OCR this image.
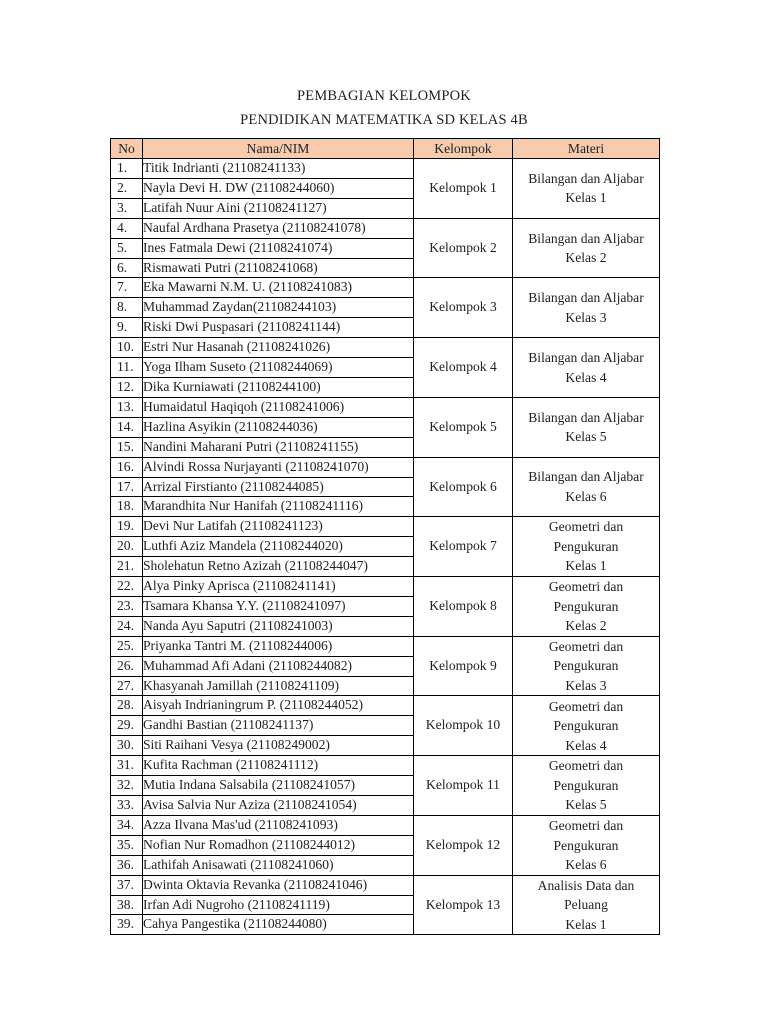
PEMBAGIAN KELOMPOK
PENDIDIKAN MATEMATIKA SD KELAS 4B
No	Nama/NIM	Kelompok	Materi
1.	Titik Indrianti (21108241133)	Kelompok 1	Bilangan dan Aljabar
Kelas 1

2.	Nayla Devi H. DW (21108244060)		
3.	Latifah Nuur Aini (21108241127)		
4.	Naufal Ardhana Prasetya (21108241078)	Kelompok 2	Bilangan dan Aljabar
Kelas 2

5.	Ines Fatmala Dewi (21108241074)		
6.	Rismawati Putri (21108241068)		
7.	Eka Mawarni N.M. U. (21108241083)	Kelompok 3	Bilangan dan Aljabar
Kelas 3

8.	Muhammad Zaydan(21108244103)		
9.	Riski Dwi Puspasari (21108241144)		
10.	Estri Nur Hasanah (21108241026)	Kelompok 4	Bilangan dan Aljabar
Kelas 4

11.	Yoga Ilham Suseto (21108244069)		
12.	Dika Kurniawati (21108244100)		
13.	Humaidatul Haqiqoh (21108241006)	Kelompok 5	Bilangan dan Aljabar
Kelas 5

14.	Hazlina Asyikin (21108244036)		
15.	Nandini Maharani Putri (21108241155)		
16.	Alvindi Rossa Nurjayanti (21108241070)	Kelompok 6	Bilangan dan Aljabar
Kelas 6

17.	Arrizal Firstianto (21108244085)		
18.	Marandhita Nur Hanifah (21108241116)		
19.	Devi Nur Latifah (21108241123)	Kelompok 7	Geometri dan
Pengukuran
Kelas 1

20.	Luthfi Aziz Mandela (21108244020)		
21.	Sholehatun Retno Azizah (21108244047)		
22.	Alya Pinky Aprisca (21108241141)	Kelompok 8	Geometri dan
Pengukuran
Kelas 2

23.	Tsamara Khansa Y.Y. (21108241097)		
24.	Nanda Ayu Saputri (21108241003)		
25.	Priyanka Tantri M. (21108244006)	Kelompok 9	Geometri dan
Pengukuran
Kelas 3

26.	Muhammad Afi Adani (21108244082)		
27.	Khasyanah Jamillah (21108241109)		
28.	Aisyah Indrianingrum P. (21108244052)	Kelompok 10	Geometri dan
Pengukuran
Kelas 4

29.	Gandhi Bastian (21108241137)		
30.	Siti Raihani Vesya (21108249002)		
31.	Kufita Rachman (21108241112)	Kelompok 11	Geometri dan
Pengukuran
Kelas 5

32.	Mutia Indana Salsabila (21108241057)		
33.	Avisa Salvia Nur Aziza (21108241054)		
34.	Azza Ilvana Mas'ud (21108241093)	Kelompok 12	Geometri dan
Pengukuran
Kelas 6

35.	Nofian Nur Romadhon (21108244012)		
36.	Lathifah Anisawati (21108241060)		
37.	Dwinta Oktavia Revanka (21108241046)	Kelompok 13	Analisis Data dan
Peluang
Kelas 1

38.	Irfan Adi Nugroho (21108241119)		
39.	Cahya Pangestika (21108244080)		
